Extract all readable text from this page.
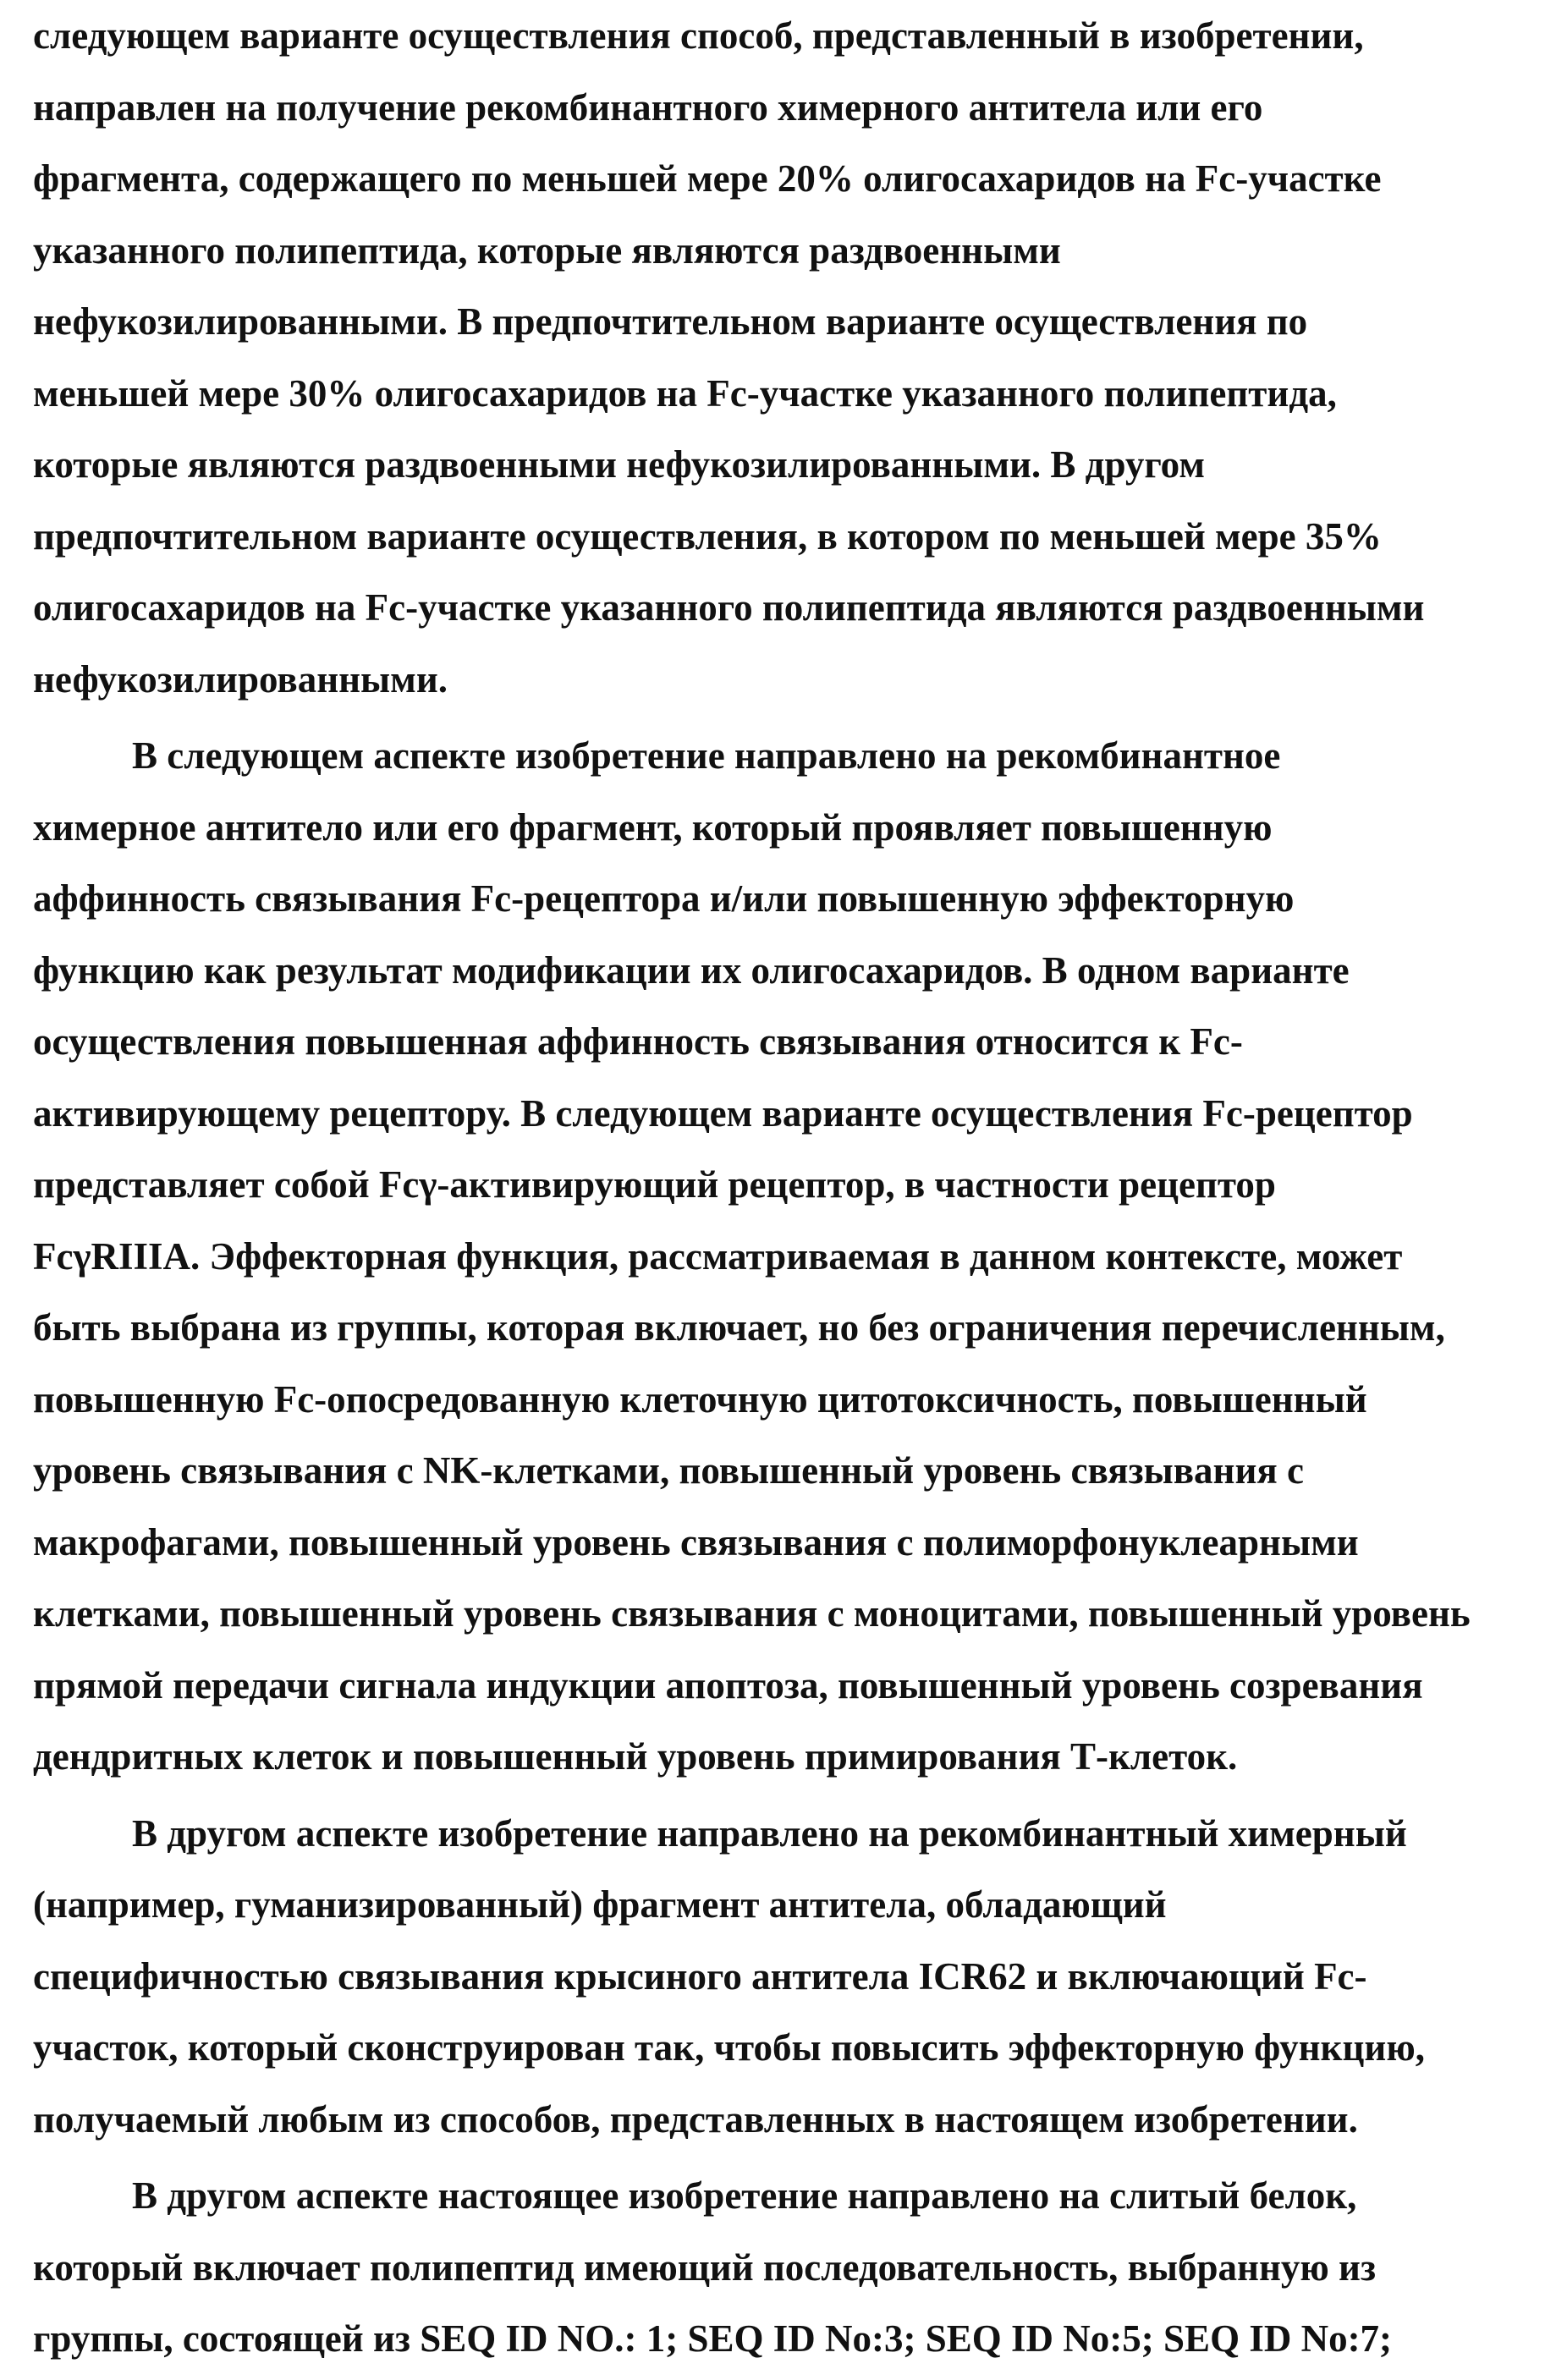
следующем варианте осуществления способ, представленный в изобретении,
направлен на получение рекомбинантного химерного антитела или его
фрагмента, содержащего по меньшей мере 20% олигосахаридов на Fc-участке
указанного полипептида, которые являются раздвоенными
нефукозилированными. В предпочтительном варианте осуществления по
меньшей мере 30% олигосахаридов на Fc-участке указанного полипептида,
которые являются раздвоенными нефукозилированными. В другом
предпочтительном варианте осуществления, в котором по меньшей мере 35%
олигосахаридов на Fc-участке указанного полипептида являются раздвоенными
нефукозилированными.
В следующем аспекте изобретение направлено на рекомбинантное
химерное антитело или его фрагмент, который проявляет повышенную
аффинность связывания Fc-рецептора и/или повышенную эффекторную
функцию как результат модификации их олигосахаридов. В одном варианте
осуществления повышенная аффинность связывания относится к Fc-
активирующему рецептору. В следующем варианте осуществления Fc-рецептор
представляет собой Fcγ-активирующий рецептор, в частности рецептор
FcγRIIIA. Эффекторная функция, рассматриваемая в данном контексте, может
быть выбрана из группы, которая включает, но без ограничения перечисленным,
повышенную Fc-опосредованную клеточную цитотоксичность, повышенный
уровень связывания с NK-клетками, повышенный уровень связывания с
макрофагами, повышенный уровень связывания с полиморфонуклеарными
клетками, повышенный уровень связывания с моноцитами, повышенный уровень
прямой передачи сигнала индукции апоптоза, повышенный уровень созревания
дендритных клеток и повышенный уровень примирования Т-клеток.
В другом аспекте изобретение направлено на рекомбинантный химерный
(например, гуманизированный) фрагмент антитела, обладающий
специфичностью связывания крысиного антитела ICR62 и включающий Fc-
участок, который сконструирован так, чтобы повысить эффекторную функцию,
получаемый любым из способов, представленных в настоящем изобретении.
В другом аспекте настоящее изобретение направлено на слитый белок,
который включает полипептид имеющий последовательность, выбранную из
группы, состоящей из SEQ ID NO.: 1; SEQ ID No:3; SEQ ID No:5; SEQ ID No:7;
